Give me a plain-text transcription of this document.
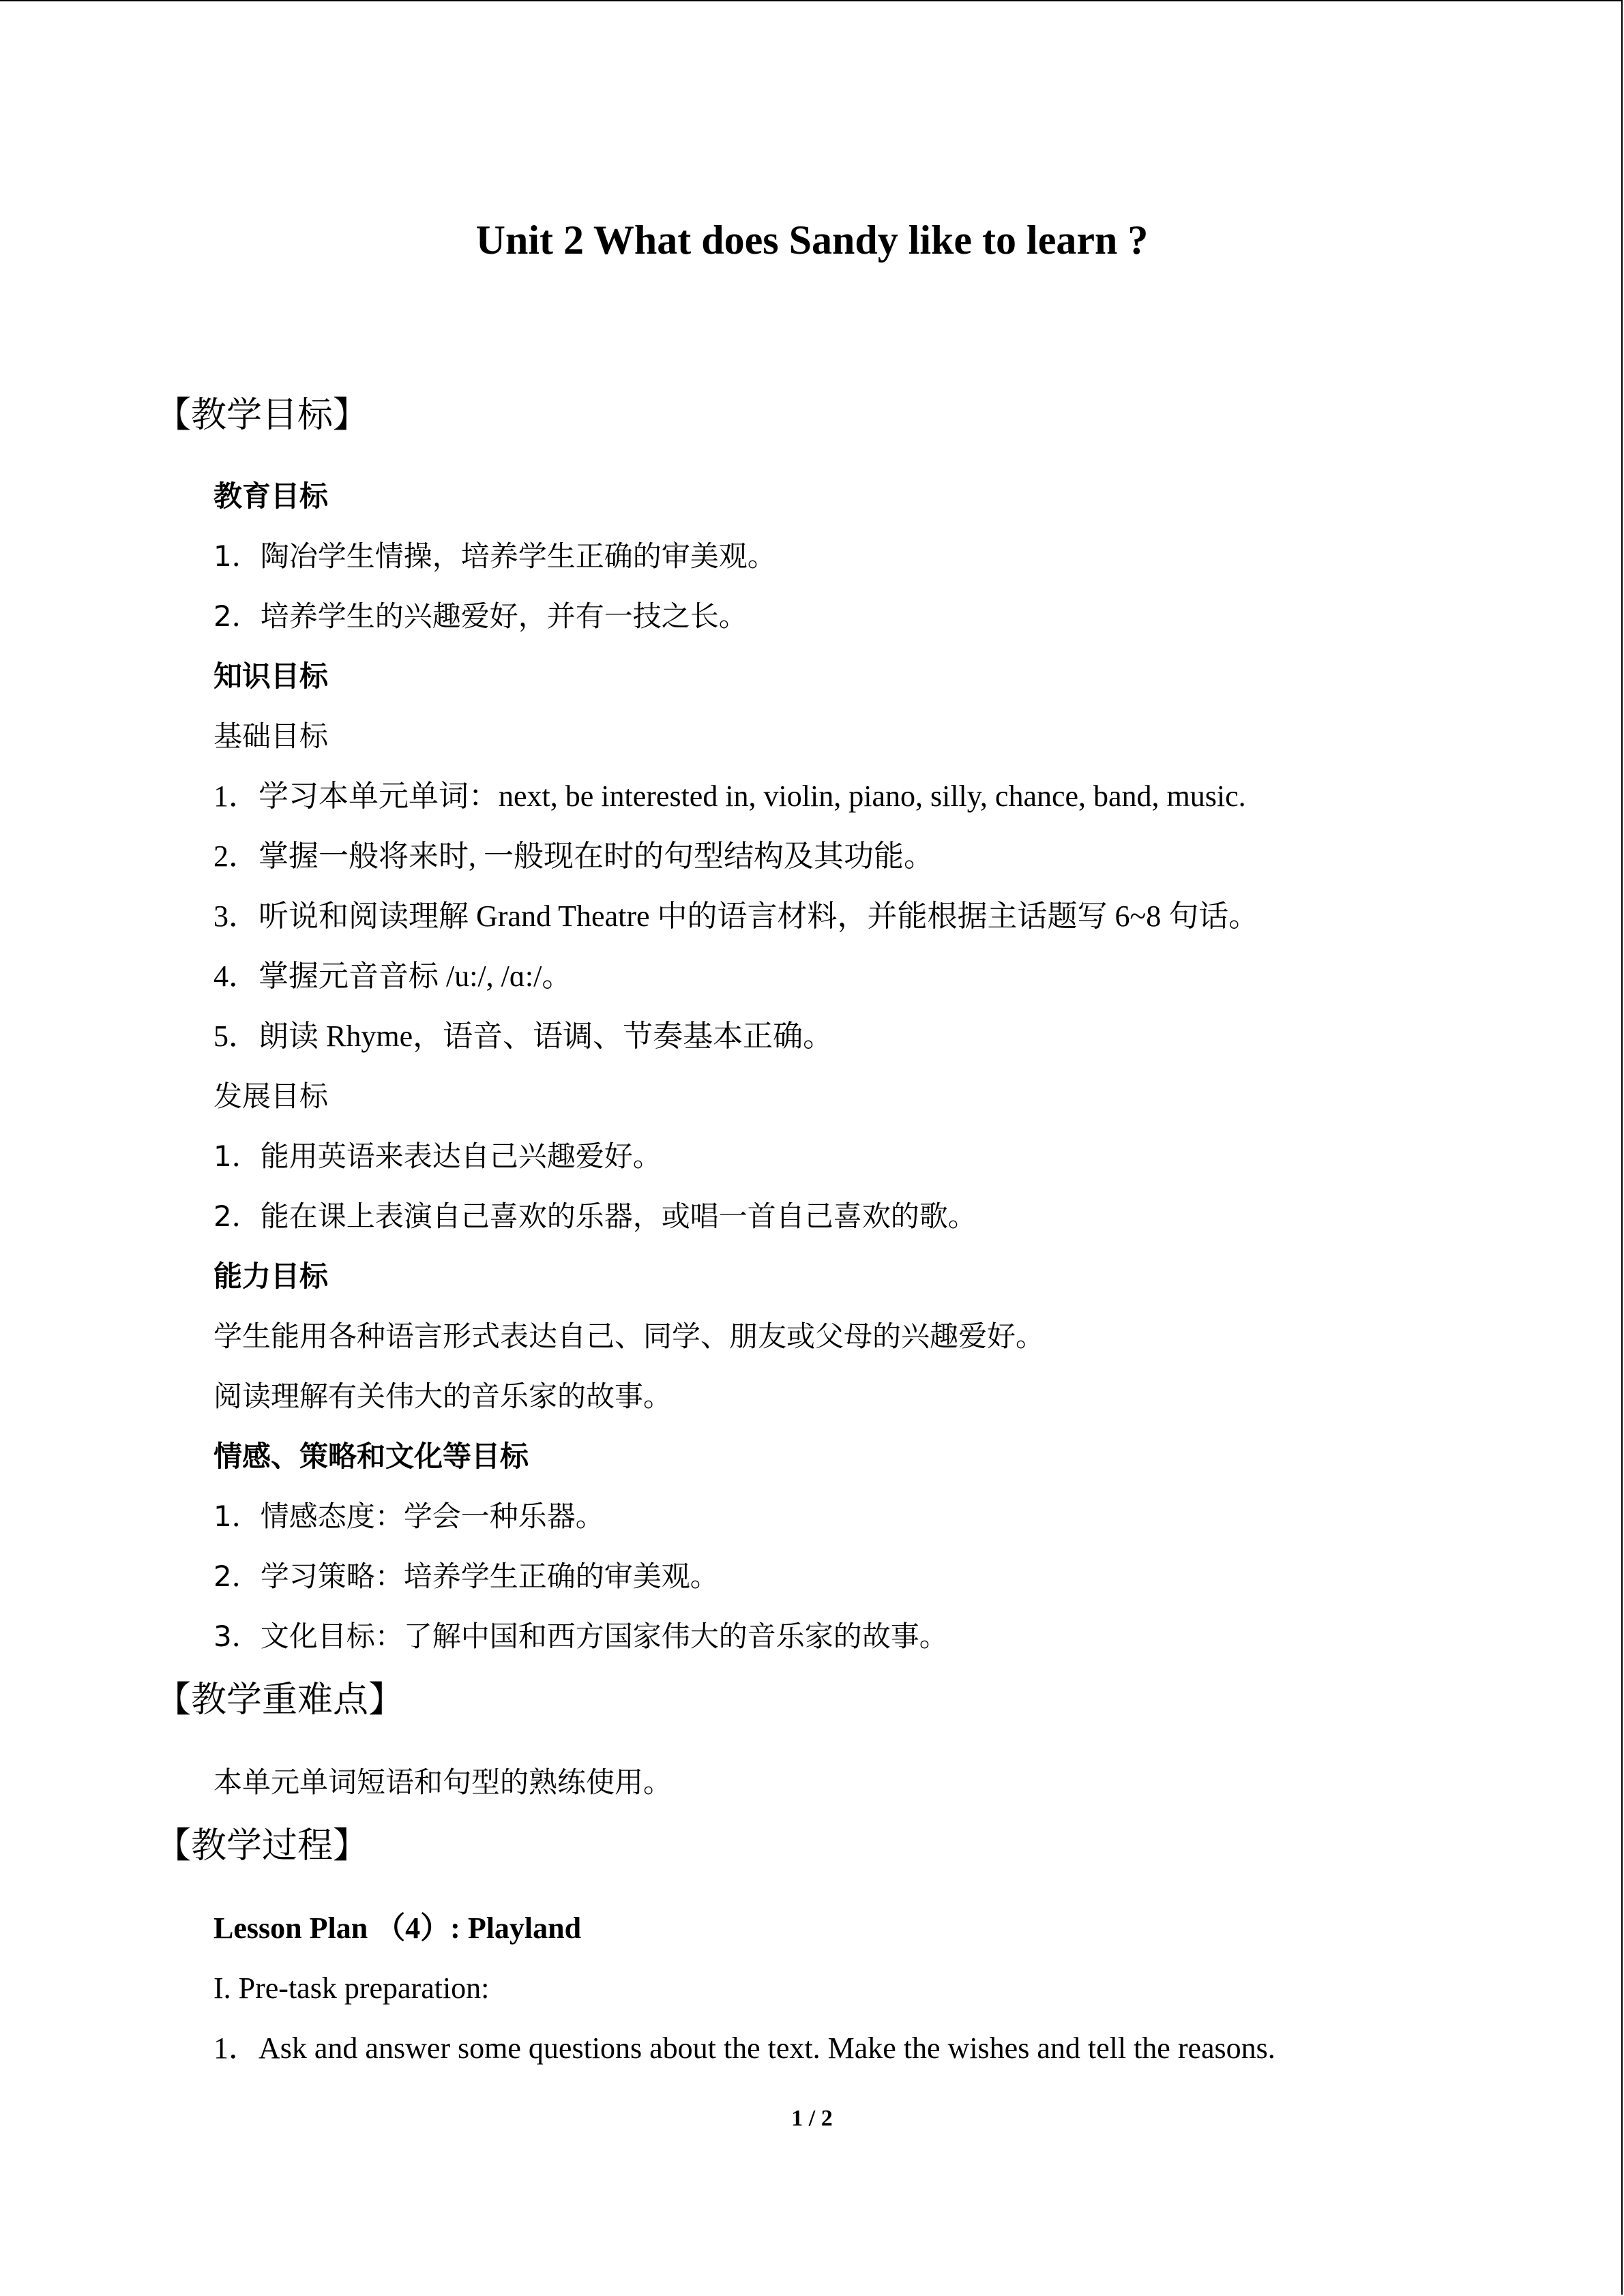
Unit 2 What does Sandy like to learn ?
【教学目标】

教育目标

1．陶冶学生情操，培养学生正确的审美观。

2．培养学生的兴趣爱好，并有一技之长。

知识目标

基础目标

1．学习本单元单词：next, be interested in, violin, piano, silly, chance, band, music.

2．掌握一般将来时, 一般现在时的句型结构及其功能。

3．听说和阅读理解 Grand Theatre 中的语言材料，并能根据主话题写 6~8 句话。

4．掌握元音音标 /u:/, /ɑ:/。

5．朗读 Rhyme，语音、语调、节奏基本正确。

发展目标

1．能用英语来表达自己兴趣爱好。

2．能在课上表演自己喜欢的乐器，或唱一首自己喜欢的歌。

能力目标

学生能用各种语言形式表达自己、同学、朋友或父母的兴趣爱好。

阅读理解有关伟大的音乐家的故事。

情感、策略和文化等目标

1．情感态度：学会一种乐器。

2．学习策略：培养学生正确的审美观。

3．文化目标：了解中国和西方国家伟大的音乐家的故事。

【教学重难点】

本单元单词短语和句型的熟练使用。

【教学过程】

Lesson Plan （4）: Playland

I. Pre-task preparation:

1．Ask and answer some questions about the text. Make the wishes and tell the reasons.

1 / 2
